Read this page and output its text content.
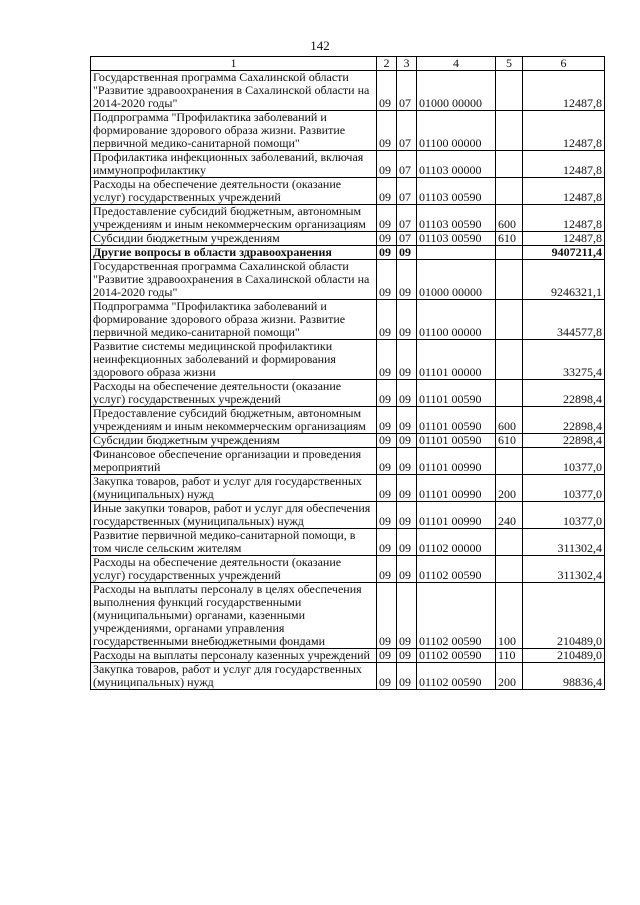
142
1	2	3	4	5	6
Государственная программа Сахалинской области "Развитие здравоохранения в Сахалинской области на 2014-2020 годы"	09	07	01000 00000		12487,8
Подпрограмма "Профилактика заболеваний и формирование здорового образа жизни. Развитие первичной медико-санитарной помощи"	09	07	01100 00000		12487,8
Профилактика инфекционных заболеваний, включая иммунопрофилактику	09	07	01103 00000		12487,8
Расходы на обеспечение деятельности (оказание услуг) государственных учреждений	09	07	01103 00590		12487,8
Предоставление субсидий бюджетным, автономным учреждениям и иным некоммерческим организациям	09	07	01103 00590	600	12487,8
Субсидии бюджетным учреждениям	09	07	01103 00590	610	12487,8
Другие вопросы в области здравоохранения	09	09			9407211,4
Государственная программа Сахалинской области "Развитие здравоохранения в Сахалинской области на 2014-2020 годы"	09	09	01000 00000		9246321,1
Подпрограмма "Профилактика заболеваний и формирование здорового образа жизни. Развитие первичной медико-санитарной помощи"	09	09	01100 00000		344577,8
Развитие системы медицинской профилактики неинфекционных заболеваний и формирования здорового образа жизни	09	09	01101 00000		33275,4
Расходы на обеспечение деятельности (оказание услуг) государственных учреждений	09	09	01101 00590		22898,4
Предоставление субсидий бюджетным, автономным учреждениям и иным некоммерческим организациям	09	09	01101 00590	600	22898,4
Субсидии бюджетным учреждениям	09	09	01101 00590	610	22898,4
Финансовое обеспечение организации и проведения мероприятий	09	09	01101 00990		10377,0
Закупка товаров, работ и услуг для государственных (муниципальных) нужд	09	09	01101 00990	200	10377,0
Иные закупки товаров, работ и услуг для обеспечения государственных (муниципальных) нужд	09	09	01101 00990	240	10377,0
Развитие первичной медико-санитарной помощи, в том числе сельским жителям	09	09	01102 00000		311302,4
Расходы на обеспечение деятельности (оказание услуг) государственных учреждений	09	09	01102 00590		311302,4
Расходы на выплаты персоналу в целях обеспечения выполнения функций государственными (муниципальными) органами, казенными учреждениями, органами управления государственными внебюджетными фондами	09	09	01102 00590	100	210489,0
Расходы на выплаты персоналу казенных учреждений	09	09	01102 00590	110	210489,0
Закупка товаров, работ и услуг для государственных (муниципальных) нужд	09	09	01102 00590	200	98836,4
